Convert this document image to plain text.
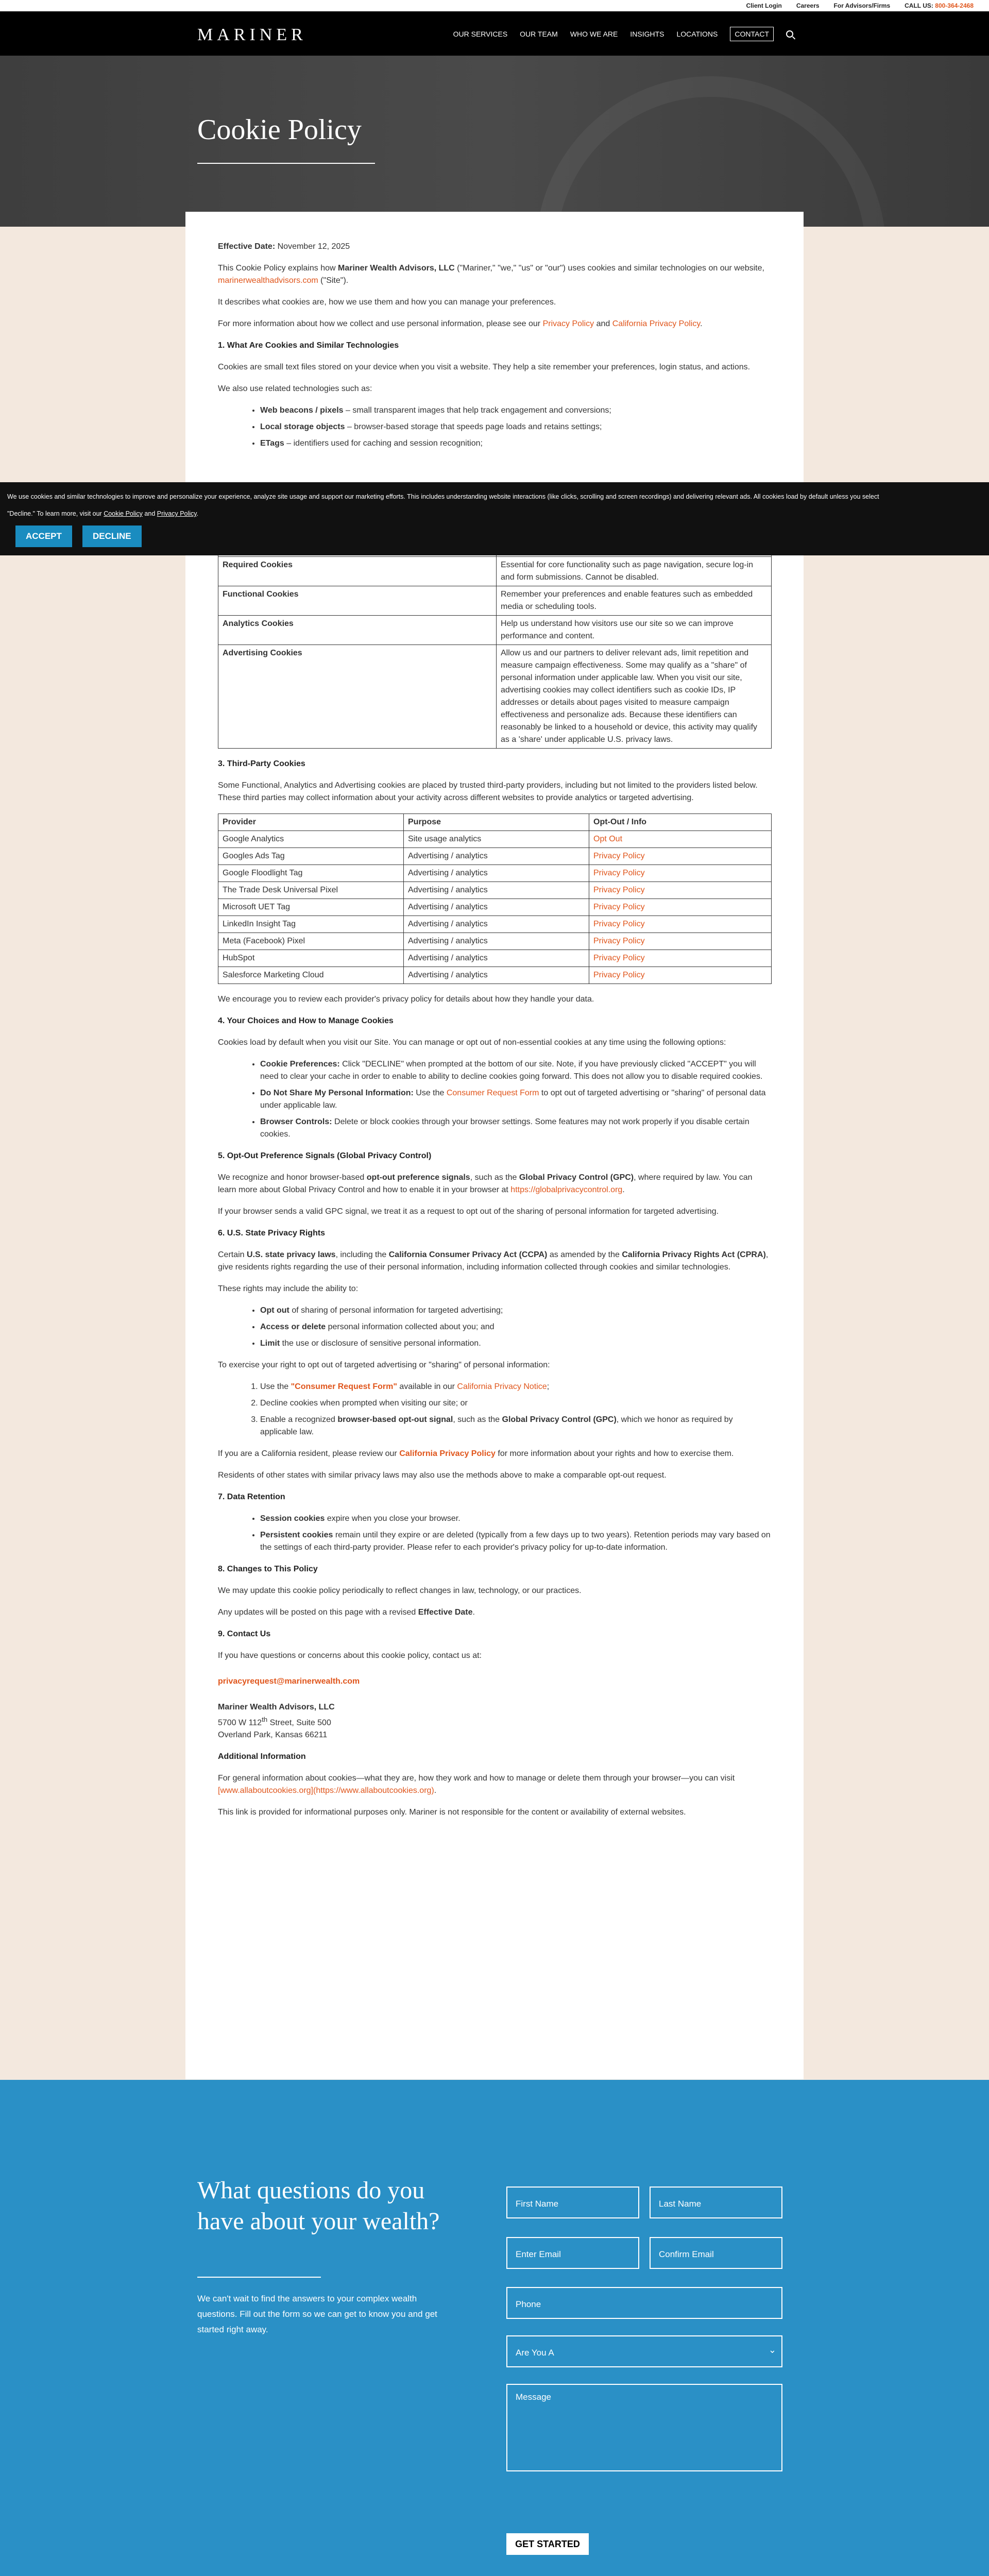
Client Login Careers For Advisors/Firms CALL US: 800-364-2468
MARINER	OUR SERVICES OUR TEAM WHO WE ARE INSIGHTS LOCATIONS	CONTACT
Cookie Policy

Effective Date: November 12, 2025

This Cookie Policy explains how Mariner Wealth Advisors, LLC ("Mariner," "we," "us" or "our") uses cookies and similar technologies on our website, marinerwealthadvisors.com ("Site").

It describes what cookies are, how we use them and how you can manage your preferences.

For more information about how we collect and use personal information, please see our Privacy Policy and California Privacy Policy.

1. What Are Cookies and Similar Technologies

Cookies are small text files stored on your device when you visit a website. They help a site remember your preferences, login status, and actions.

We also use related technologies such as:

• Web beacons / pixels – small transparent images that help track engagement and conversions;
• Local storage objects – browser-based storage that speeds page loads and retains settings;
• ETags – identifiers used for caching and session recognition;

Required Cookies	Essential for core functionality such as page navigation, secure log-in and form submissions. Cannot be disabled.
Functional Cookies	Remember your preferences and enable features such as embedded media or scheduling tools.
Analytics Cookies	Help us understand how visitors use our site so we can improve performance and content.
Advertising Cookies	Allow us and our partners to deliver relevant ads, limit repetition and measure campaign effectiveness. Some may qualify as a "share" of personal information under applicable law. When you visit our site, advertising cookies may collect identifiers such as cookie IDs, IP addresses or details about pages visited to measure campaign effectiveness and personalize ads. Because these identifiers can reasonably be linked to a household or device, this activity may qualify as a 'share' under applicable U.S. privacy laws.
3. Third-Party Cookies

Some Functional, Analytics and Advertising cookies are placed by trusted third-party providers, including but not limited to the providers listed below. These third parties may collect information about your activity across different websites to provide analytics or targeted advertising.

Provider	Purpose	Opt-Out / Info
Google Analytics	Site usage analytics	Opt Out
Googles Ads Tag	Advertising / analytics	Privacy Policy
Google Floodlight Tag	Advertising / analytics	Privacy Policy
The Trade Desk Universal Pixel	Advertising / analytics	Privacy Policy
Microsoft UET Tag	Advertising / analytics	Privacy Policy
LinkedIn Insight Tag	Advertising / analytics	Privacy Policy
Meta (Facebook) Pixel	Advertising / analytics	Privacy Policy
HubSpot	Advertising / analytics	Privacy Policy
Salesforce Marketing Cloud	Advertising / analytics	Privacy Policy

We encourage you to review each provider's privacy policy for details about how they handle your data.

4. Your Choices and How to Manage Cookies

Cookies load by default when you visit our Site. You can manage or opt out of non-essential cookies at any time using the following options:

• Cookie Preferences: Click "DECLINE" when prompted at the bottom of our site. Note, if you have previously clicked "ACCEPT" you will need to clear your cache in order to enable to ability to decline cookies going forward. This does not allow you to disable required cookies.
• Do Not Share My Personal Information: Use the Consumer Request Form to opt out of targeted advertising or "sharing" of personal data under applicable law.
• Browser Controls: Delete or block cookies through your browser settings. Some features may not work properly if you disable certain cookies.
5. Opt-Out Preference Signals (Global Privacy Control)

We recognize and honor browser-based opt-out preference signals, such as the Global Privacy Control (GPC), where required by law. You can learn more about Global Privacy Control and how to enable it in your browser at https://globalprivacycontrol.org.

If your browser sends a valid GPC signal, we treat it as a request to opt out of the sharing of personal information for targeted advertising.

6. U.S. State Privacy Rights

Certain U.S. state privacy laws, including the California Consumer Privacy Act (CCPA) as amended by the California Privacy Rights Act (CPRA), give residents rights regarding the use of their personal information, including information collected through cookies and similar technologies.

These rights may include the ability to:

• Opt out of sharing of personal information for targeted advertising;
• Access or delete personal information collected about you; and
• Limit the use or disclosure of sensitive personal information.

To exercise your right to opt out of targeted advertising or "sharing" of personal information:

1. Use the "Consumer Request Form" available in our California Privacy Notice;
2. Decline cookies when prompted when visiting our site; or
3. Enable a recognized browser-based opt-out signal, such as the Global Privacy Control (GPC), which we honor as required by applicable law.

If you are a California resident, please review our California Privacy Policy for more information about your rights and how to exercise them.

Residents of other states with similar privacy laws may also use the methods above to make a comparable opt-out request.

7. Data Retention
• Session cookies expire when you close your browser.
• Persistent cookies remain until they expire or are deleted (typically from a few days up to two years). Retention periods may vary based on the settings of each third-party provider. Please refer to each provider's privacy policy for up-to-date information.
8. Changes to This Policy

We may update this cookie policy periodically to reflect changes in law, technology, or our practices.

Any updates will be posted on this page with a revised Effective Date.

9. Contact Us

If you have questions or concerns about this cookie policy, contact us at:

privacyrequest@marinerwealth.com

Mariner Wealth Advisors, LLC
5700 W 112th Street, Suite 500
Overland Park, Kansas 66211

Additional Information

For general information about cookies—what they are, how they work and how to manage or delete them through your browser—you can visit [www.allaboutcookies.org](https://www.allaboutcookies.org).

This link is provided for informational purposes only. Mariner is not responsible for the content or availability of external websites.

We use cookies and similar technologies to improve and personalize your experience, analyze site usage and support our marketing efforts. This includes understanding website interactions (like clicks, scrolling and screen recordings) and delivering relevant ads. All cookies load by default unless you select
"Decline." To learn more, visit our Cookie Policy and Privacy Policy.
ACCEPT	DECLINE
What questions do you have about your wealth?
We can't wait to find the answers to your complex wealth questions. Fill out the form so we can get to know you and get started right away.
First Name	Last Name
Enter Email	Confirm Email
Phone
Are You A ⌄
Message
GET STARTED
